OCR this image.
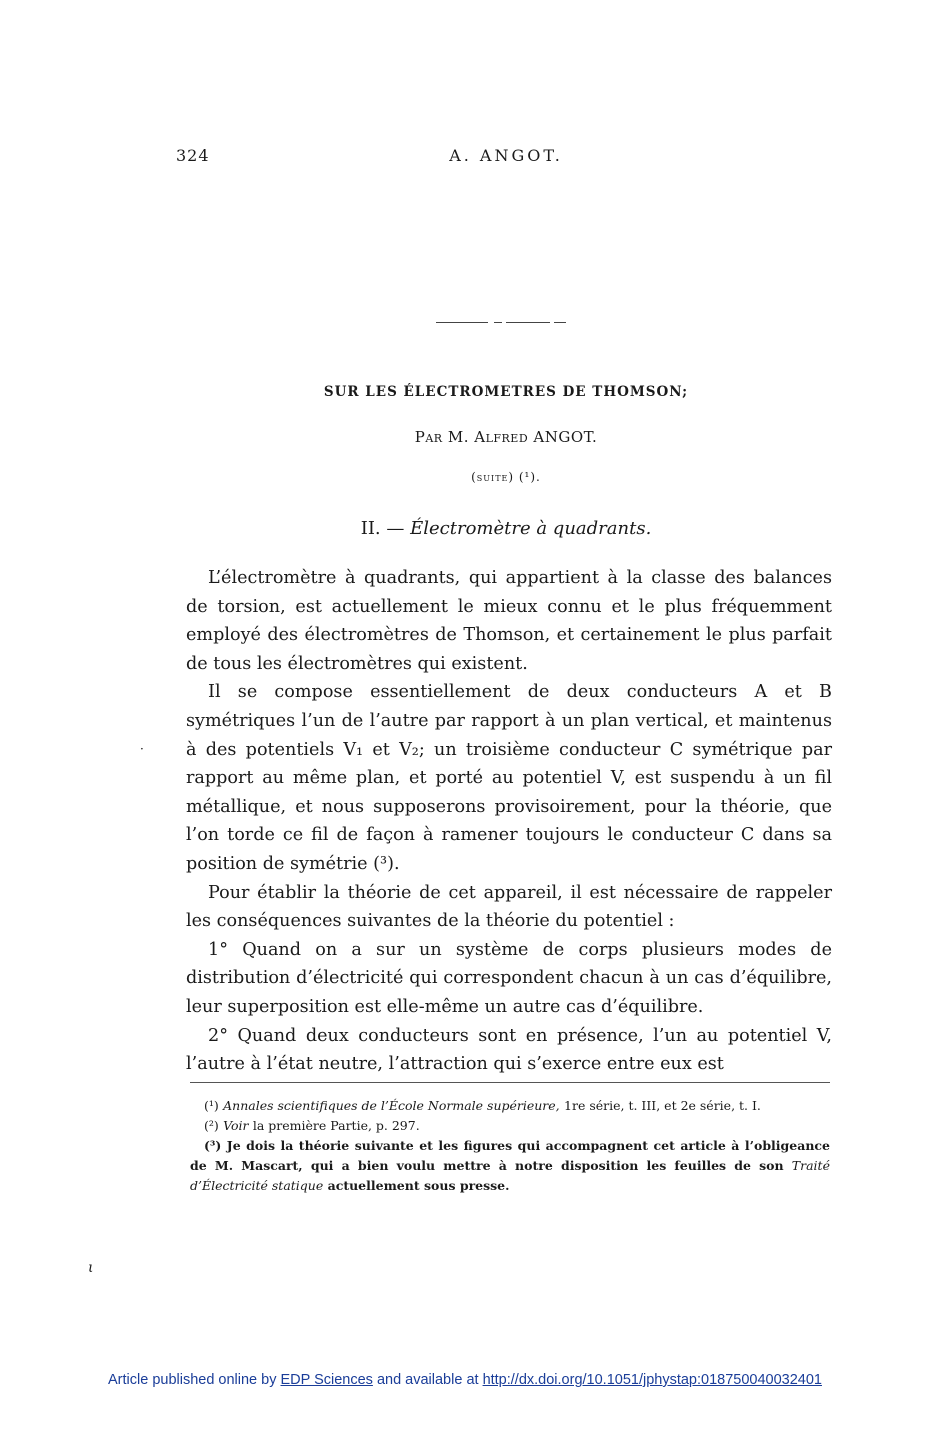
324	A. ANGOT.
SUR LES ÉLECTROMETRES DE THOMSON;
Par M. Alfred ANGOT.
(suite) (¹).
II. — Électromètre à quadrants.

L’électromètre à quadrants, qui appartient à la classe des balances de torsion, est actuellement le mieux connu et le plus fréquemment employé des électromètres de Thomson, et certainement le plus parfait de tous les électromètres qui existent.

Il se compose essentiellement de deux conducteurs A et B symétriques l’un de l’autre par rapport à un plan vertical, et maintenus à des potentiels V₁ et V₂; un troisième conducteur C symétrique par rapport au même plan, et porté au potentiel V, est suspendu à un fil métallique, et nous supposerons provisoirement, pour la théorie, que l’on torde ce fil de façon à ramener toujours le conducteur C dans sa position de symétrie (³).

Pour établir la théorie de cet appareil, il est nécessaire de rappeler les conséquences suivantes de la théorie du potentiel :

1° Quand on a sur un système de corps plusieurs modes de distribution d’électricité qui correspondent chacun à un cas d’équilibre, leur superposition est elle-même un autre cas d’équilibre.

2° Quand deux conducteurs sont en présence, l’un au potentiel V, l’autre à l’état neutre, l’attraction qui s’exerce entre eux est

(¹) Annales scientifiques de l’École Normale supérieure, 1re série, t. III, et 2e série, t. I.

(²) Voir la première Partie, p. 297.

(³) Je dois la théorie suivante et les figures qui accompagnent cet article à l’obligeance de M. Mascart, qui a bien voulu mettre à notre disposition les feuilles de son Traité d’Électricité statique actuellement sous presse.

·
ι
Article published online by EDP Sciences and available at http://dx.doi.org/10.1051/jphystap:018750040032401
